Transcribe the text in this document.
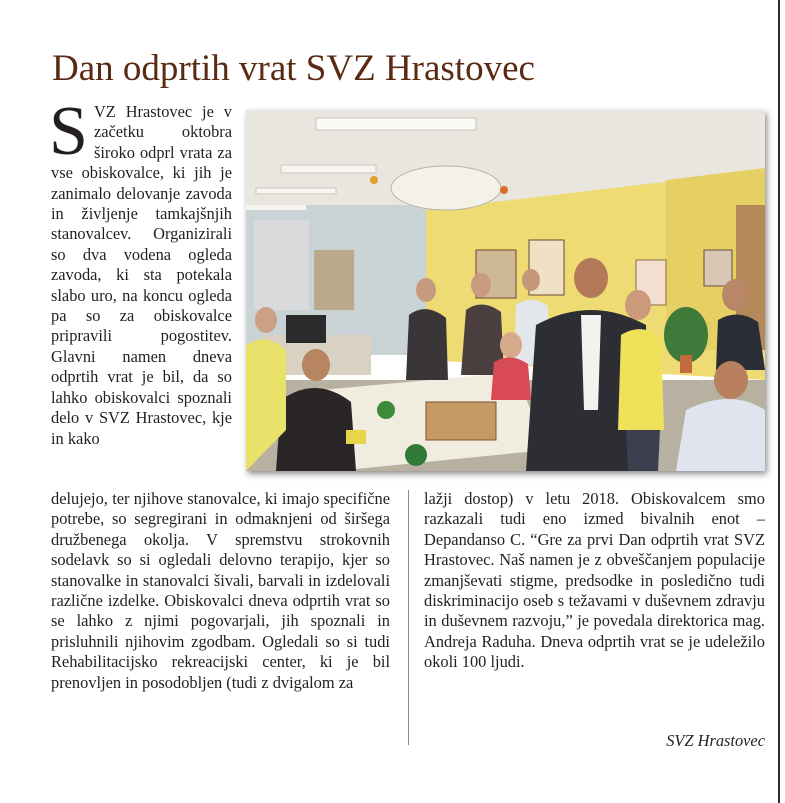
Dan odprtih vrat SVZ Hrastovec
SVZ Hrastovec je v začetku oktobra široko odprl vrata za vse obiskovalce, ki jih je zanimalo delovanje zavoda in življenje tamkajšnjih stanovalcev. Organizirali so dva vodena ogleda zavoda, ki sta potekala slabo uro, na koncu ogleda pa so za obiskovalce pripravili pogostitev. Glavni namen dneva odprtih vrat je bil, da so lahko obiskovalci spoznali delo v SVZ Hrastovec, kje in kako
delujejo, ter njihove stanovalce, ki imajo specifične potrebe, so segregirani in odmaknjeni od širšega družbenega okolja. V spremstvu strokovnih sodelavk so si ogledali delovno terapijo, kjer so stanovalke in stanovalci šivali, barvali in izdelovali različne izdelke. Obiskovalci dneva odprtih vrat so se lahko z njimi pogovarjali, jih spoznali in prisluhnili njihovim zgodbam. Ogledali so si tudi Rehabilitacijsko rekreacijski center, ki je bil prenovljen in posodobljen (tudi z dvigalom za
lažji dostop) v letu 2018. Obiskovalcem smo razkazali tudi eno izmed bivalnih enot – Depandanso C. “Gre za prvi Dan odprtih vrat SVZ Hrastovec. Naš namen je z obveščanjem populacije zmanjševati stigme, predsodke in posledično tudi diskriminacijo oseb s težavami v duševnem zdravju in duševnem razvoju,” je povedala direktorica mag. Andreja Raduha. Dneva odprtih vrat se je udeležilo okoli 100 ljudi.
SVZ Hrastovec
